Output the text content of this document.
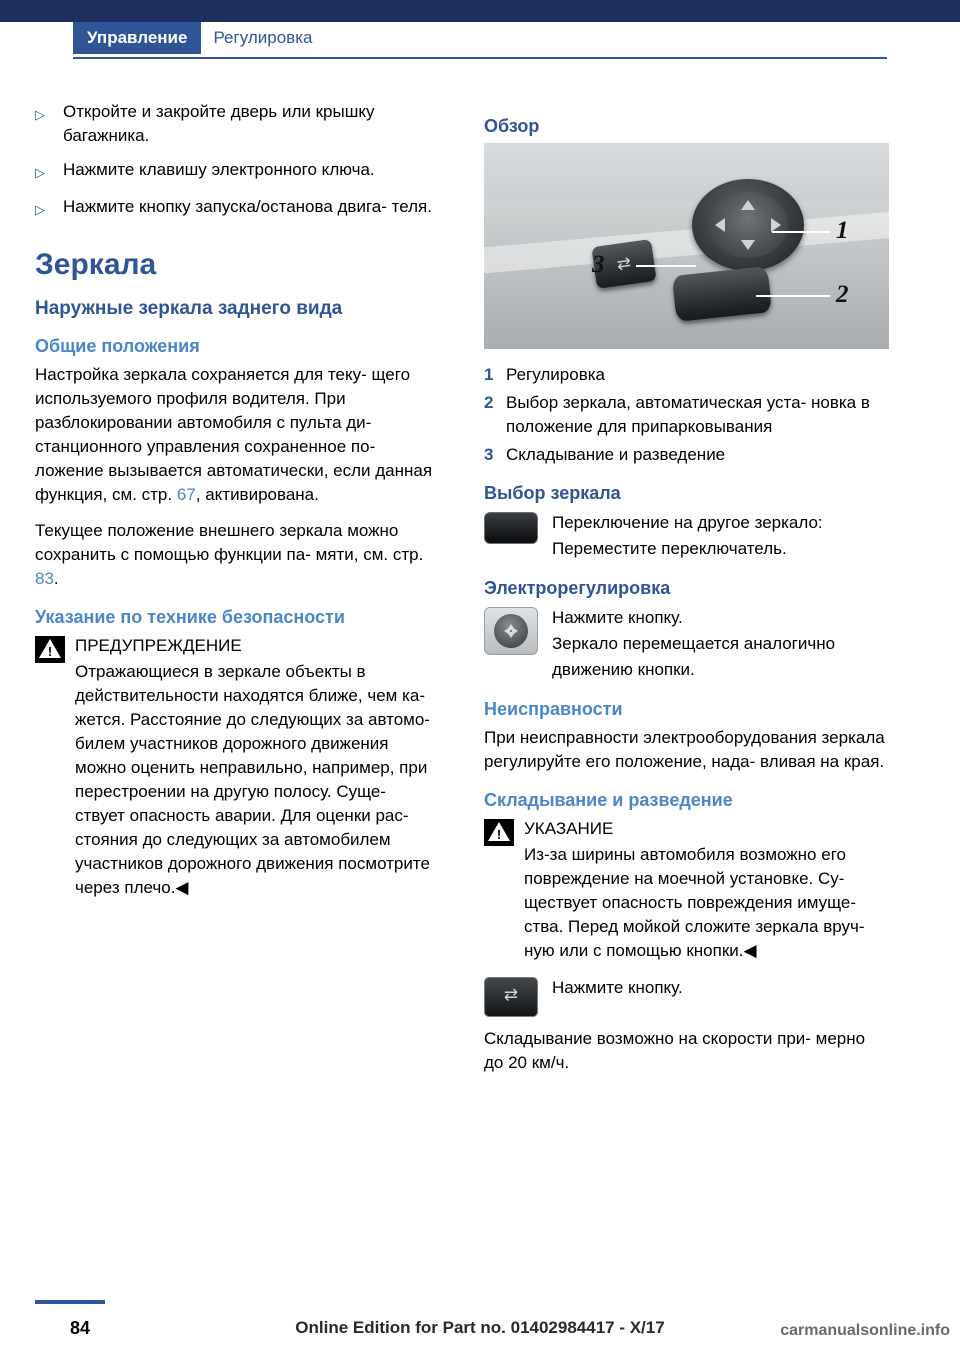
Управление	Регулировка
▷	Откройте и закройте дверь или крышку багажника.
▷	Нажмите клавишу электронного ключа.
▷	Нажмите кнопку запуска/останова двига- теля.
Зеркала
Наружные зеркала заднего вида
Общие положения

Настройка зеркала сохраняется для теку- щего используемого профиля водителя. При разблокировании автомобиля с пульта ди- станционного управления сохраненное по- ложение вызывается автоматически, если данная функция, см. стр. 67, активирована.

Текущее положение внешнего зеркала можно сохранить с помощью функции па- мяти, см. стр. 83.

Указание по технике безопасности
!
ПРЕДУПРЕЖДЕНИЕ
Отражающиеся в зеркале объекты в действительности находятся ближе, чем ка- жется. Расстояние до следующих за автомо- билем участников дорожного движения можно оценить неправильно, например, при перестроении на другую полосу. Суще- ствует опасность аварии. Для оценки рас- стояния до следующих за автомобилем участников дорожного движения посмотрите через плечо.◀
Обзор
⇄
3
1
2
1 Регулировка
2 Выбор зеркала, автоматическая уста- новка в положение для припарковывания
3 Складывание и разведение
Выбор зеркала
Переключение на другое зеркало:
Переместите переключатель.
Электрорегулировка
Нажмите кнопку.
Зеркало перемещается аналогично движению кнопки.
Неисправности

При неисправности электрооборудования зеркала регулируйте его положение, нада- вливая на края.

Складывание и разведение
!
УКАЗАНИЕ
Из-за ширины автомобиля возможно его повреждение на моечной установке. Су- ществует опасность повреждения имуще- ства. Перед мойкой сложите зеркала вруч- ную или с помощью кнопки.◀
⇄	Нажмите кнопку.

Складывание возможно на скорости при- мерно до 20 км/ч.

84	Online Edition for Part no. 01402984417 - X/17	carmanualsonline.info
